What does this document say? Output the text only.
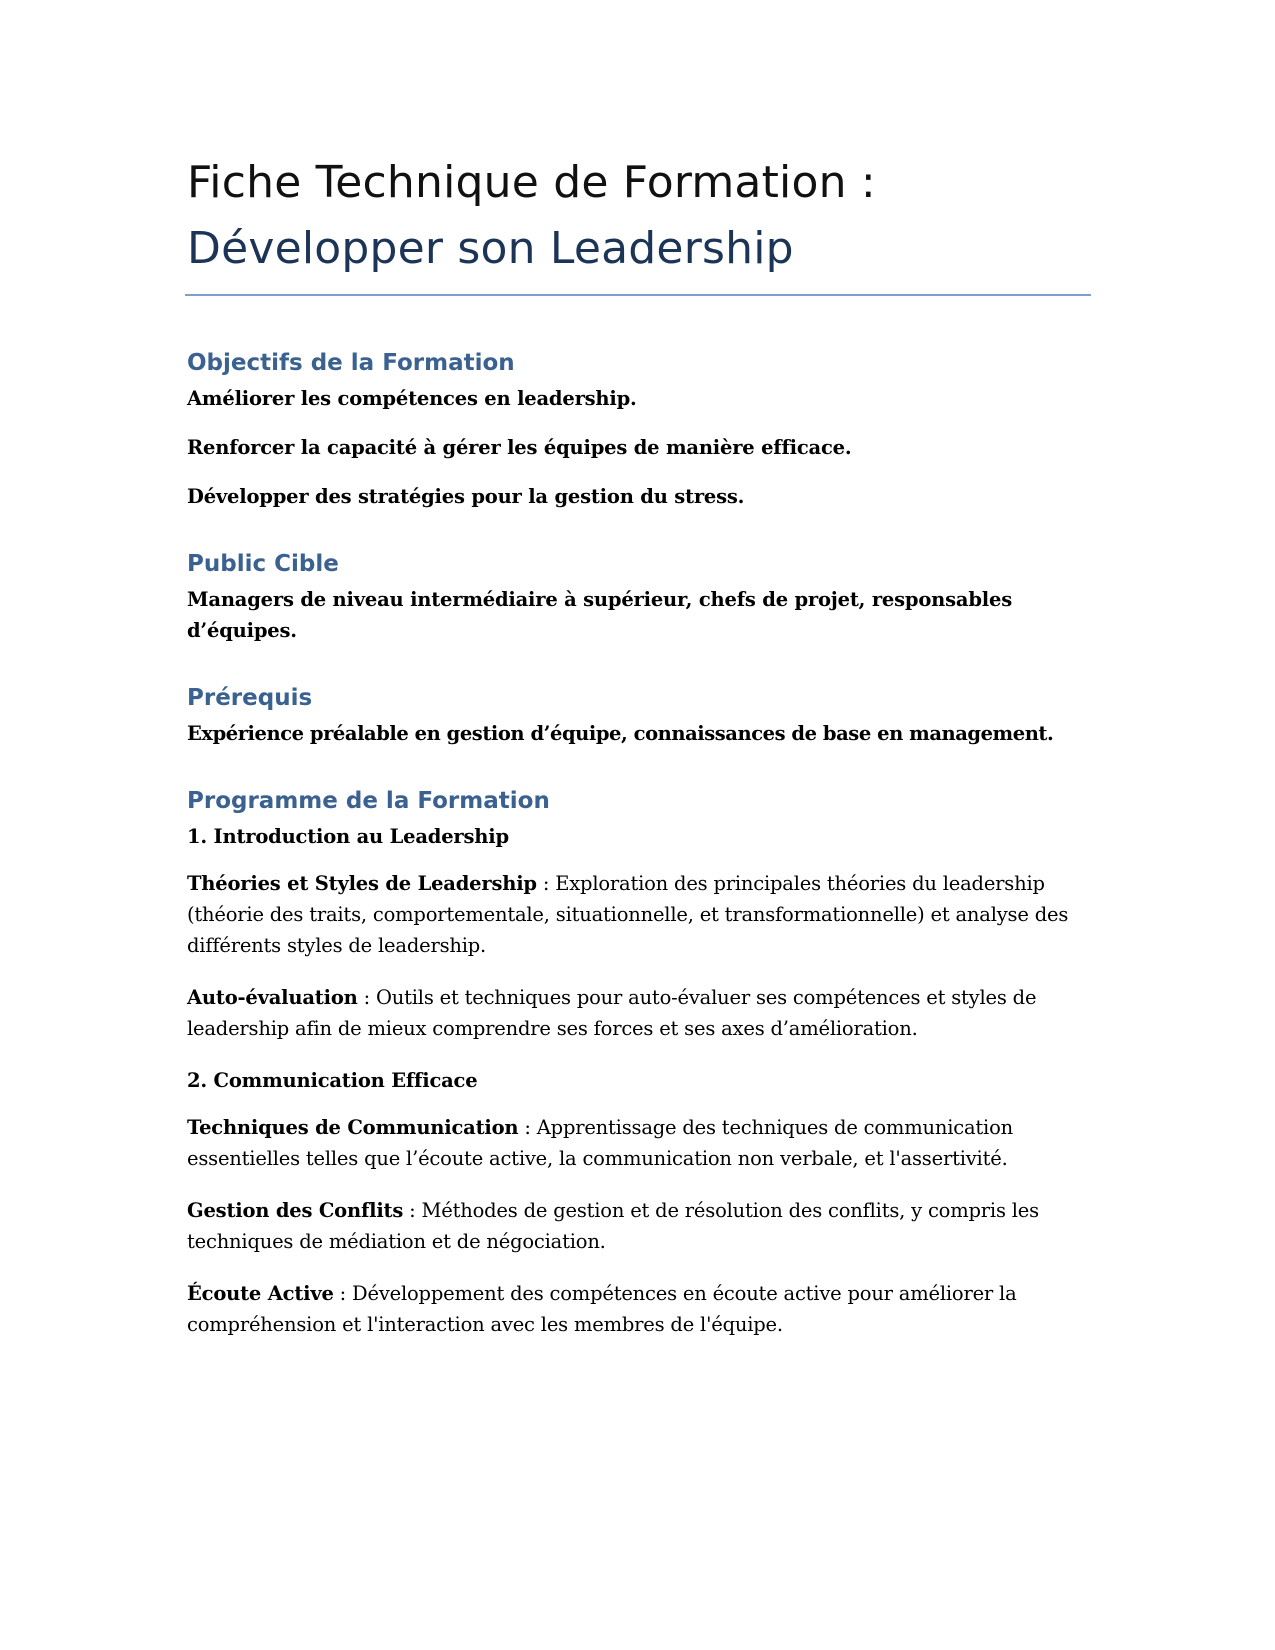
Fiche Technique de Formation :
Développer son Leadership
Objectifs de la Formation

Améliorer les compétences en leadership.

Renforcer la capacité à gérer les équipes de manière efficace.

Développer des stratégies pour la gestion du stress.

Public Cible

Managers de niveau intermédiaire à supérieur, chefs de projet, responsables d’équipes.

Prérequis

Expérience préalable en gestion d’équipe, connaissances de base en management.

Programme de la Formation

1. Introduction au Leadership

Théories et Styles de Leadership : Exploration des principales théories du leadership (théorie des traits, comportementale, situationnelle, et transformationnelle) et analyse des différents styles de leadership.

Auto-évaluation : Outils et techniques pour auto-évaluer ses compétences et styles de leadership afin de mieux comprendre ses forces et ses axes d’amélioration.

2. Communication Efficace

Techniques de Communication : Apprentissage des techniques de communication essentielles telles que l’écoute active, la communication non verbale, et l'assertivité.

Gestion des Conflits : Méthodes de gestion et de résolution des conflits, y compris les techniques de médiation et de négociation.

Écoute Active : Développement des compétences en écoute active pour améliorer la compréhension et l'interaction avec les membres de l'équipe.
